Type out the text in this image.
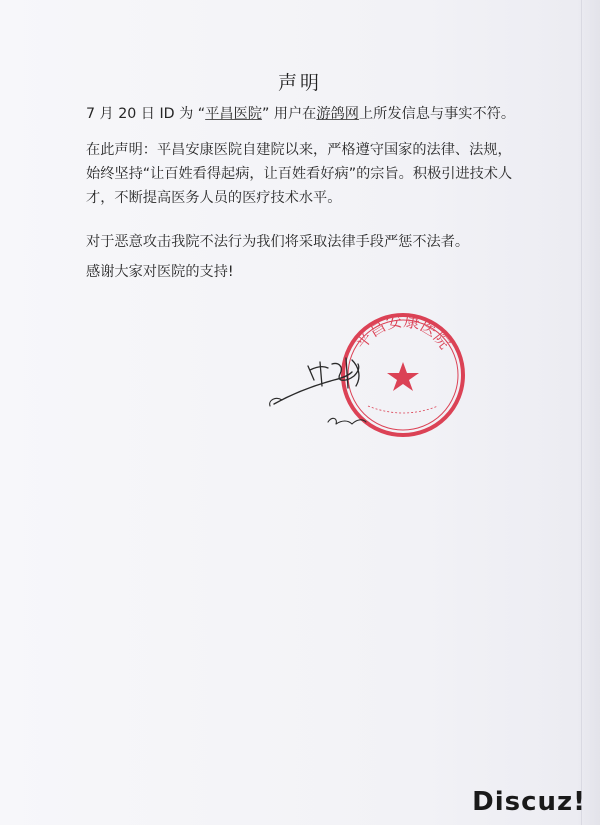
声明

7 月 20 日 ID 为 “平昌医院” 用户在游鸽网上所发信息与事实不符。

在此声明：平昌安康医院自建院以来，严格遵守国家的法律、法规，始终坚持“让百姓看得起病，让百姓看好病”的宗旨。积极引进技术人才，不断提高医务人员的医疗技术水平。

对于恶意攻击我院不法行为我们将采取法律手段严惩不法者。

感谢大家对医院的支持!

平昌安康医院
Discuz!
